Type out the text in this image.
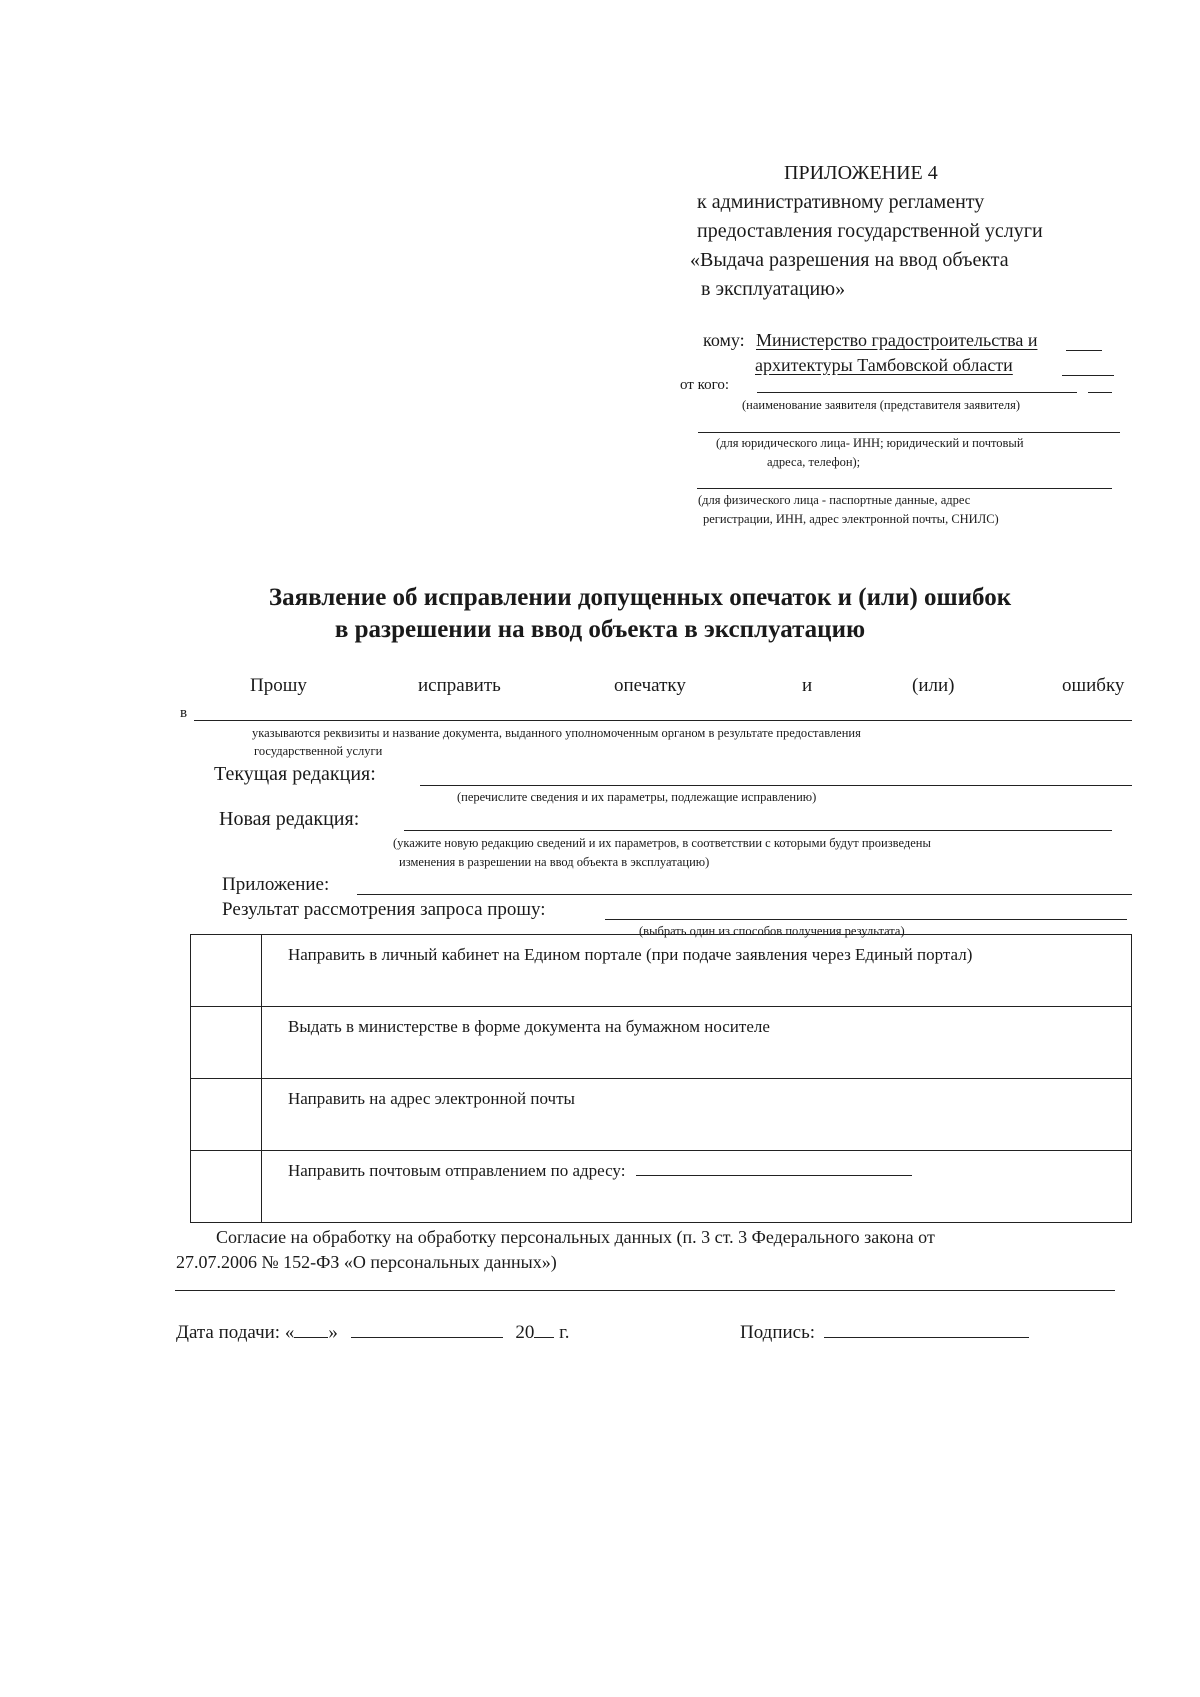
ПРИЛОЖЕНИЕ 4
к административному регламенту
предоставления государственной услуги
«Выдача разрешения на ввод объекта
в эксплуатацию»
кому: Министерство градостроительства и
архитектуры Тамбовской области
от кого:
(наименование заявителя (представителя заявителя)
(для юридического лица- ИНН; юридический и почтовый
адреса, телефон);
(для физического лица - паспортные данные, адрес
регистрации, ИНН, адрес электронной почты, СНИЛС)
Заявление об исправлении допущенных опечаток и (или) ошибок
в разрешении на ввод объекта в эксплуатацию
Прошу	исправить	опечатку	и	(или)	ошибку
в
указываются реквизиты и название документа, выданного уполномоченным органом в результате предоставления
государственной услуги
Текущая редакция:
(перечислите сведения и их параметры, подлежащие исправлению)
Новая редакция:
(укажите новую редакцию сведений и их параметров, в соответствии с которыми будут произведены
изменения в разрешении на ввод объекта в эксплуатацию)
Приложение:
Результат рассмотрения запроса прошу:
(выбрать один из способов получения результата)
	Направить в личный кабинет на Едином портале (при подаче заявления через Единый портал)
	Выдать в министерстве в форме документа на бумажном носителе
	Направить на адрес электронной почты
	Направить почтовым отправлением по адресу:
Согласие на обработку на обработку персональных данных (п. 3 ст. 3 Федерального закона от
27.07.2006 № 152-ФЗ «О персональных данных»)
Дата подачи: « »	20 г.	Подпись:
